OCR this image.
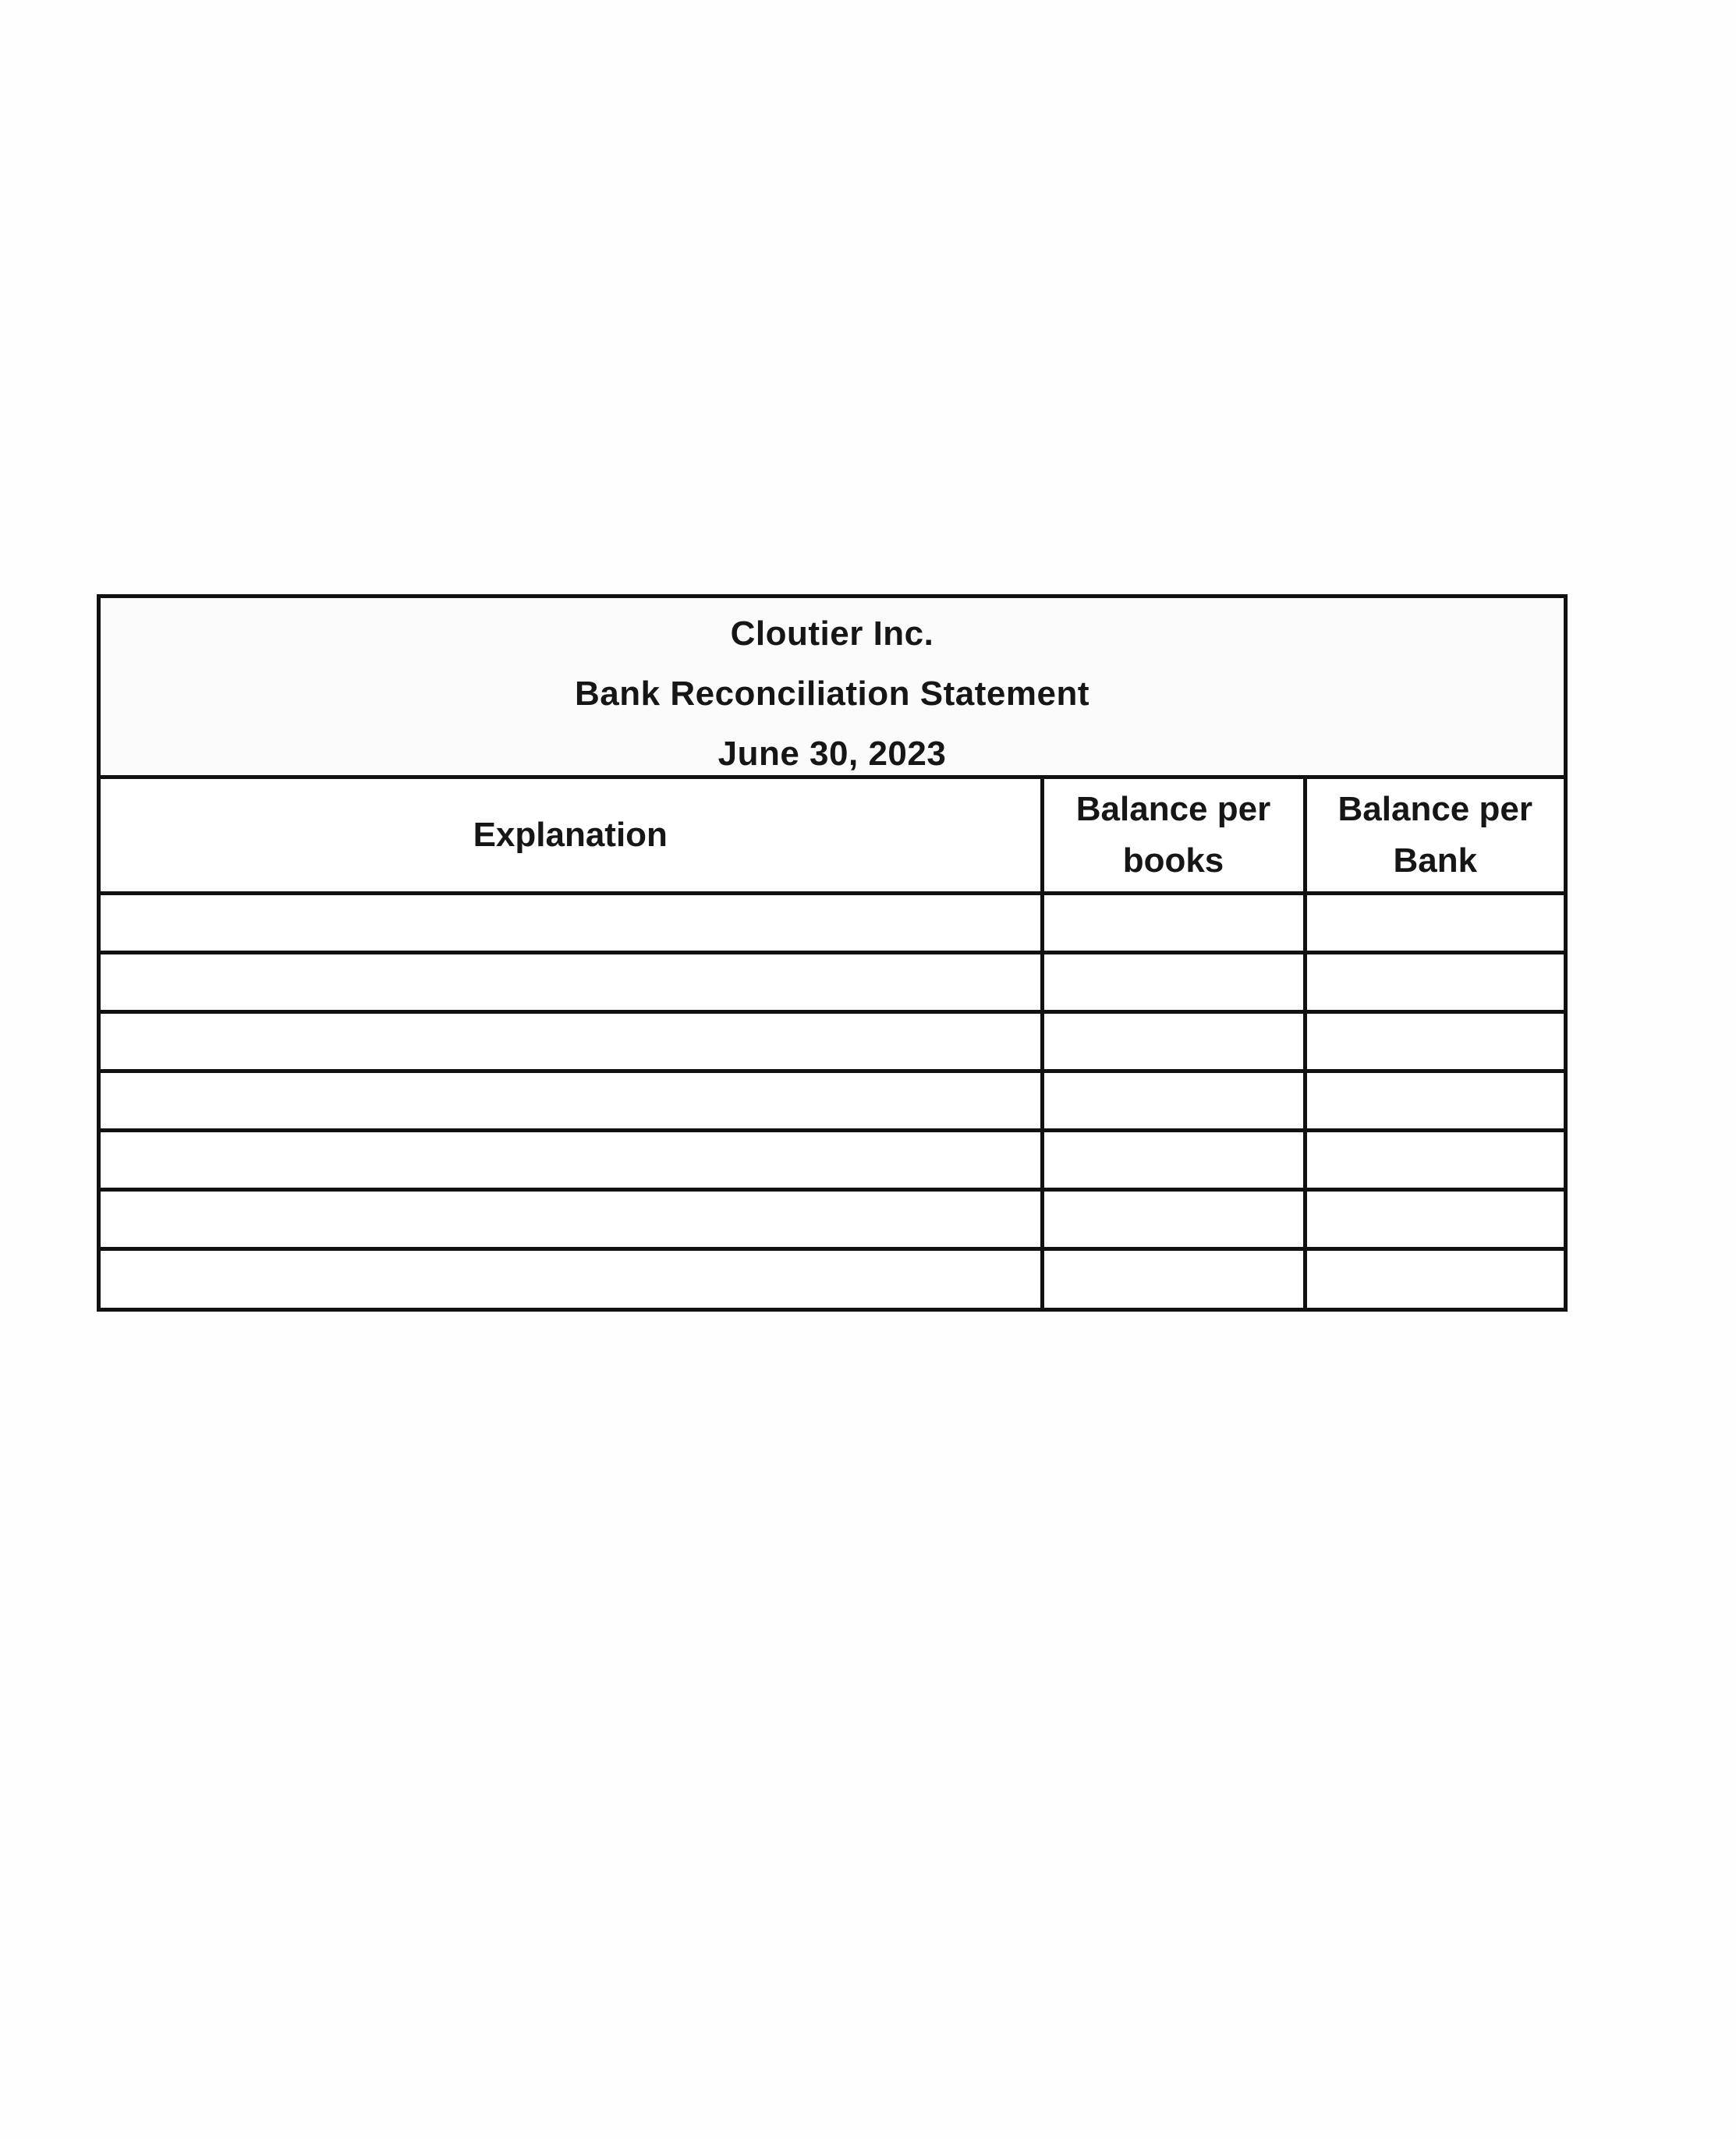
Cloutier Inc.
Bank Reconciliation Statement
June 30, 2023
Explanation	Balance per books	Balance per Bank
